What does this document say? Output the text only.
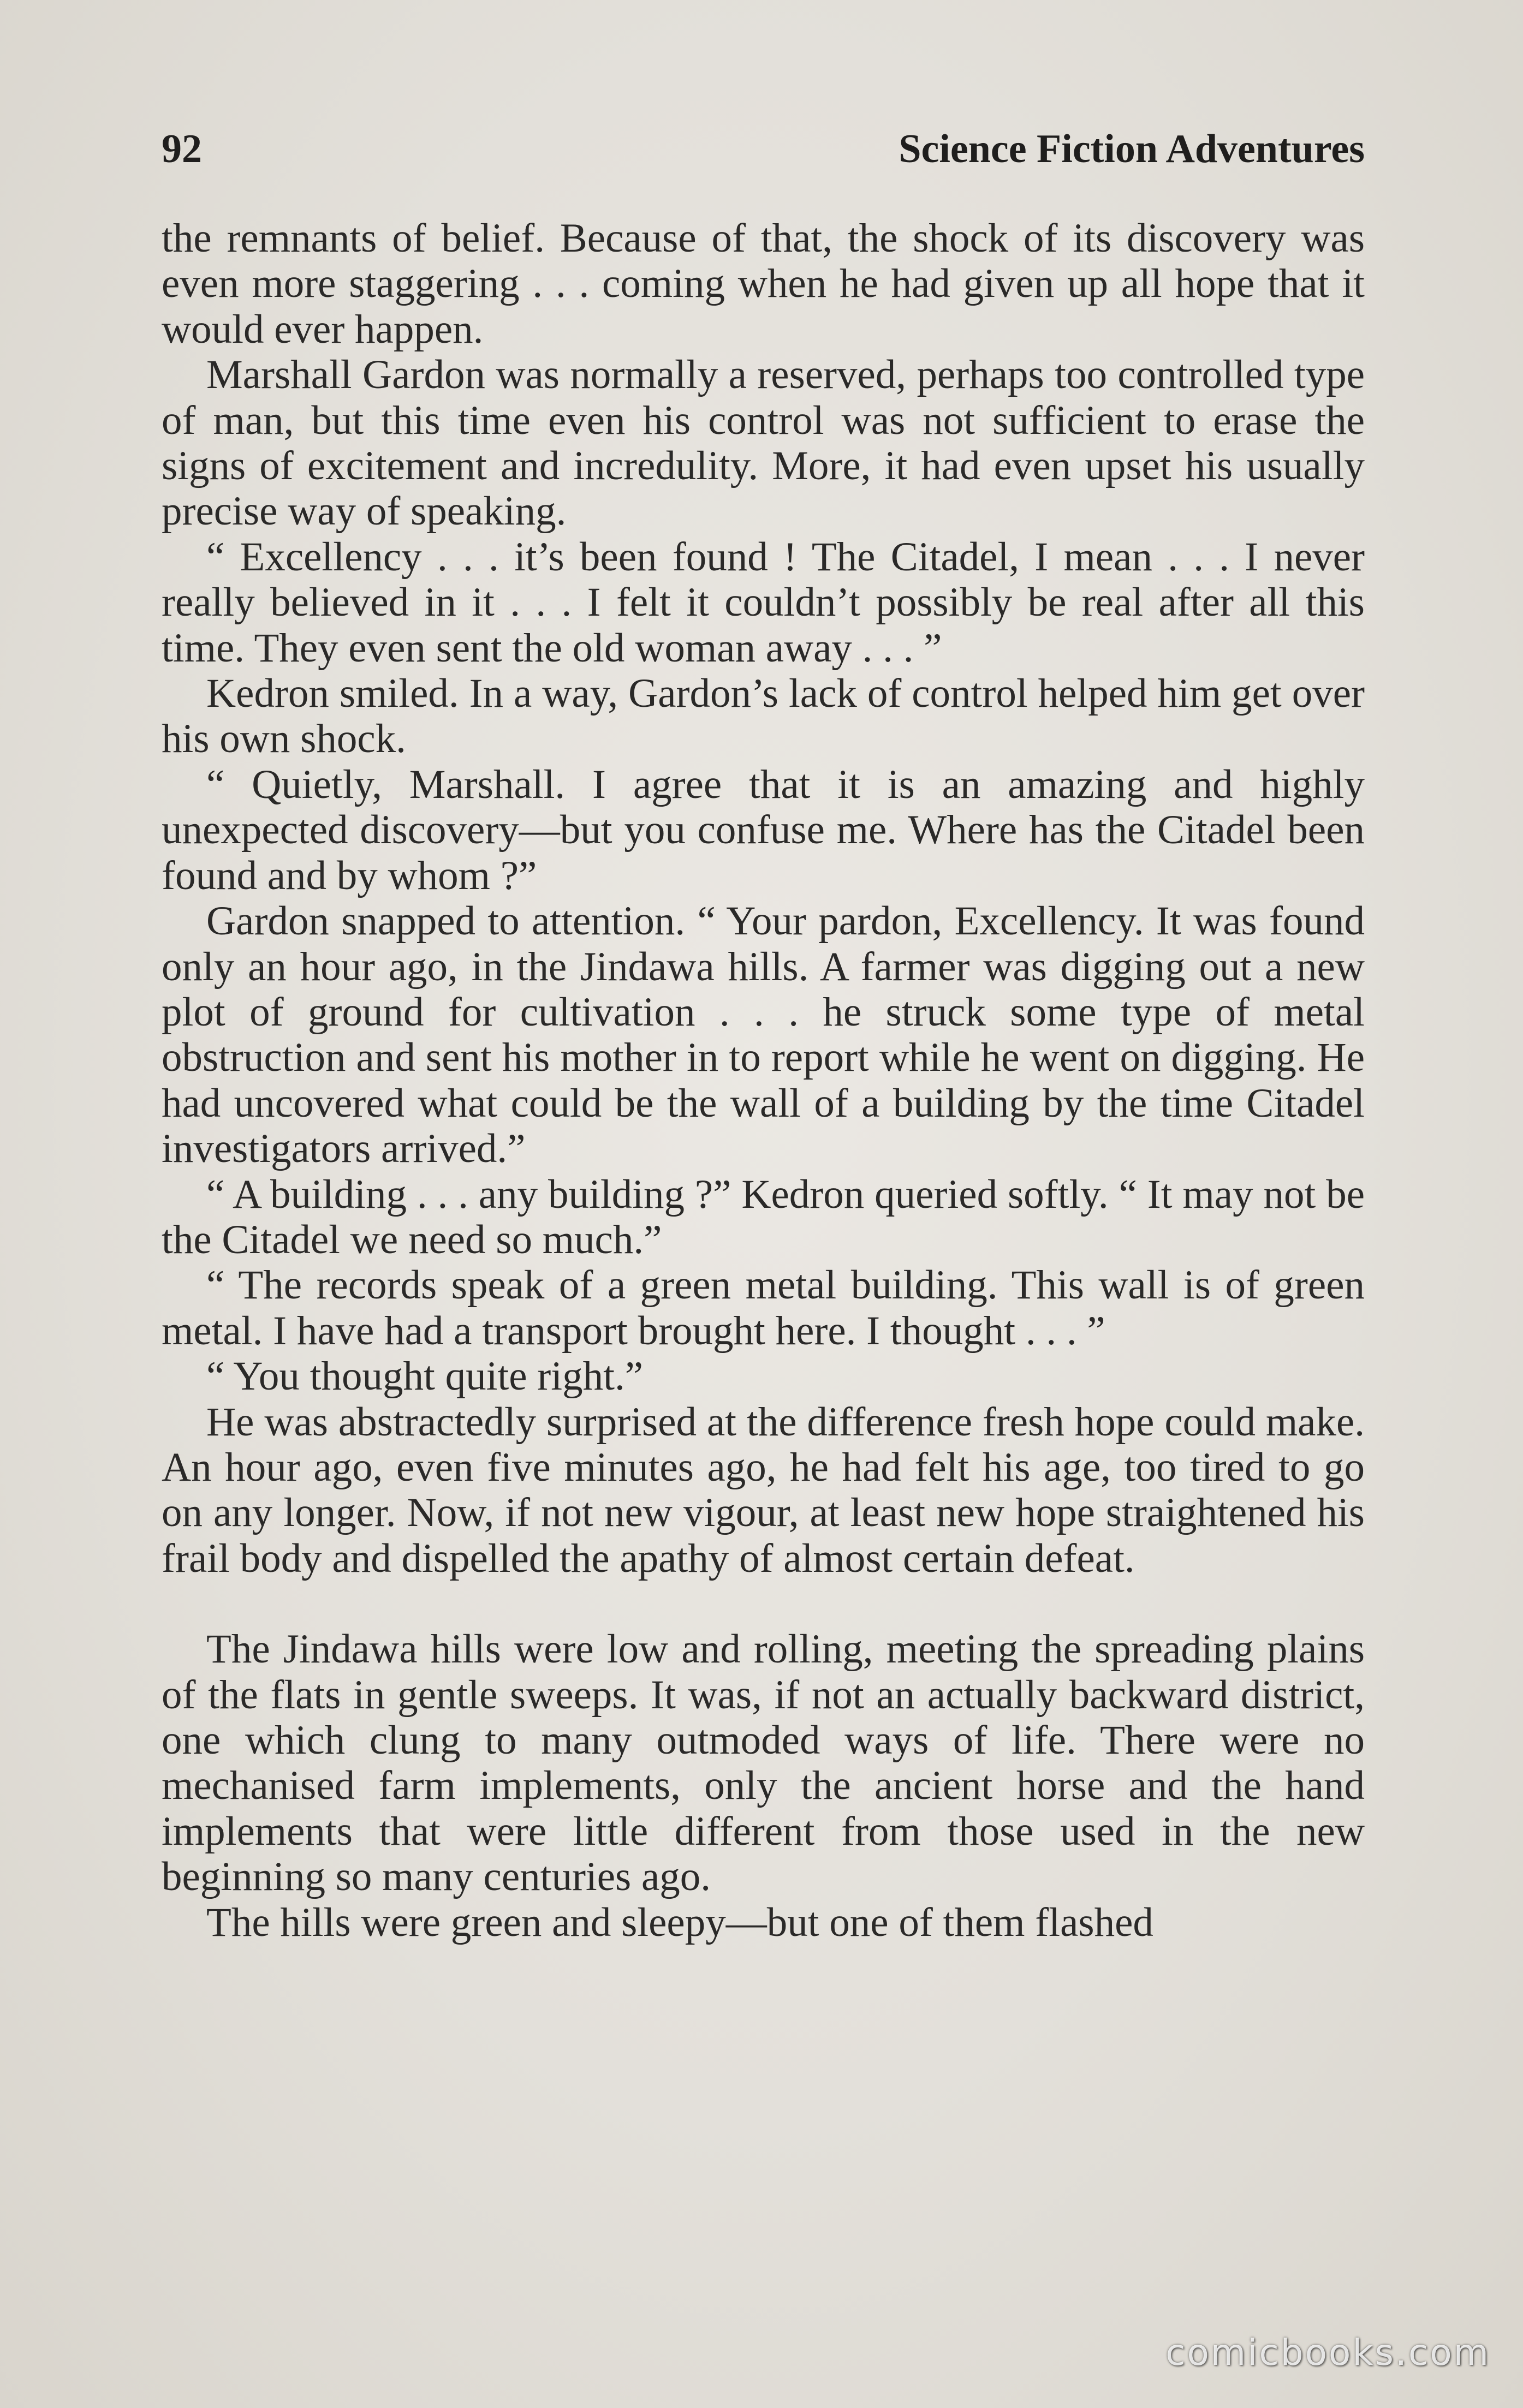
92	Science Fiction Adventures

the remnants of belief. Because of that, the shock of its discovery was even more staggering . . . coming when he had given up all hope that it would ever happen.

Marshall Gardon was normally a reserved, perhaps too controlled type of man, but this time even his control was not sufficient to erase the signs of excitement and incredulity. More, it had even upset his usually precise way of speaking.

“ Excellency . . . it’s been found ! The Citadel, I mean . . . I never really believed in it . . . I felt it couldn’t possibly be real after all this time. They even sent the old woman away . . . ”

Kedron smiled. In a way, Gardon’s lack of control helped him get over his own shock.

“ Quietly, Marshall. I agree that it is an amazing and highly unexpected discovery—but you confuse me. Where has the Citadel been found and by whom ?”

Gardon snapped to attention. “ Your pardon, Excellency. It was found only an hour ago, in the Jindawa hills. A farmer was digging out a new plot of ground for cultivation . . . he struck some type of metal obstruction and sent his mother in to report while he went on digging. He had uncovered what could be the wall of a building by the time Citadel investigators arrived.”

“ A building . . . any building ?” Kedron queried softly. “ It may not be the Citadel we need so much.”

“ The records speak of a green metal building. This wall is of green metal. I have had a transport brought here. I thought . . . ”

“ You thought quite right.”

He was abstractedly surprised at the difference fresh hope could make. An hour ago, even five minutes ago, he had felt his age, too tired to go on any longer. Now, if not new vigour, at least new hope straightened his frail body and dispelled the apathy of almost certain defeat.

The Jindawa hills were low and rolling, meeting the spreading plains of the flats in gentle sweeps. It was, if not an actually backward district, one which clung to many outmoded ways of life. There were no mechanised farm implements, only the ancient horse and the hand implements that were little different from those used in the new beginning so many centuries ago.

The hills were green and sleepy—but one of them flashed

comicbooks.com
